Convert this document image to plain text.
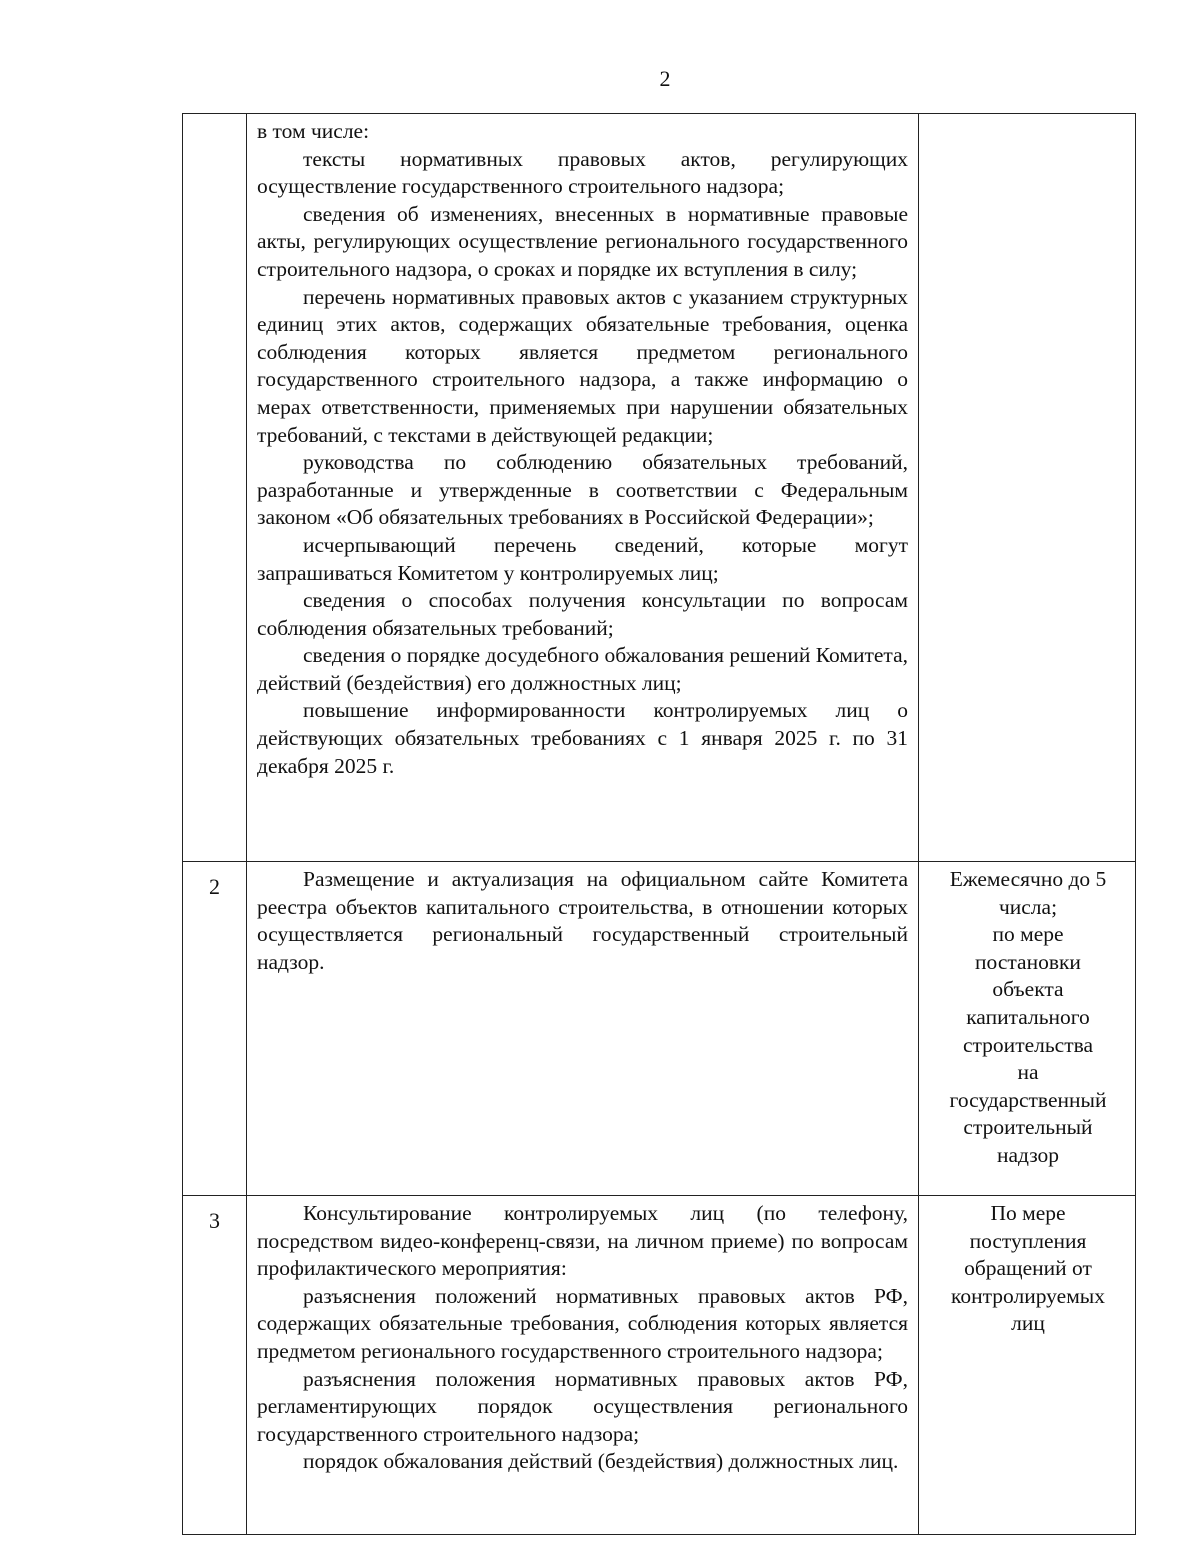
2

в том числе:

тексты нормативных правовых актов, регулирующих осуществление государственного строительного надзора;

сведения об изменениях, внесенных в нормативные правовые акты, регулирующих осуществление регионального государственного строительного надзора, о сроках и порядке их вступления в силу;

перечень нормативных правовых актов с указанием структурных единиц этих актов, содержащих обязательные требования, оценка соблюдения которых является предметом регионального государственного строительного надзора, а также информацию о мерах ответственности, применяемых при нарушении обязательных требований, с текстами в действующей редакции;

руководства по соблюдению обязательных требований, разработанные и утвержденные в соответствии с Федеральным законом «Об обязательных требованиях в Российской Федерации»;

исчерпывающий перечень сведений, которые могут запрашиваться Комитетом у контролируемых лиц;

сведения о способах получения консультации по вопросам соблюдения обязательных требований;

сведения о порядке досудебного обжалования решений Комитета, действий (бездействия) его должностных лиц;

повышение информированности контролируемых лиц о действующих обязательных требованиях с 1 января 2025 г. по 31 декабря 2025 г.

2	Размещение и актуализация на официальном сайте Комитета реестра объектов капитального строительства, в отношении которых осуществляется региональный государственный строительный надзор.

Ежемесячно до 5
числа;
по мере
постановки
объекта
капитального
строительства
на
государственный
строительный
надзор
3	Консультирование контролируемых лиц (по телефону, посредством видео-конференц-связи, на личном приеме) по вопросам профилактического мероприятия:

разъяснения положений нормативных правовых актов РФ, содержащих обязательные требования, соблюдения которых является предметом регионального государственного строительного надзора;

разъяснения положения нормативных правовых актов РФ, регламентирующих порядок осуществления регионального государственного строительного надзора;

порядок обжалования действий (бездействия) должностных лиц.

По мере
поступления
обращений от
контролируемых
лиц
